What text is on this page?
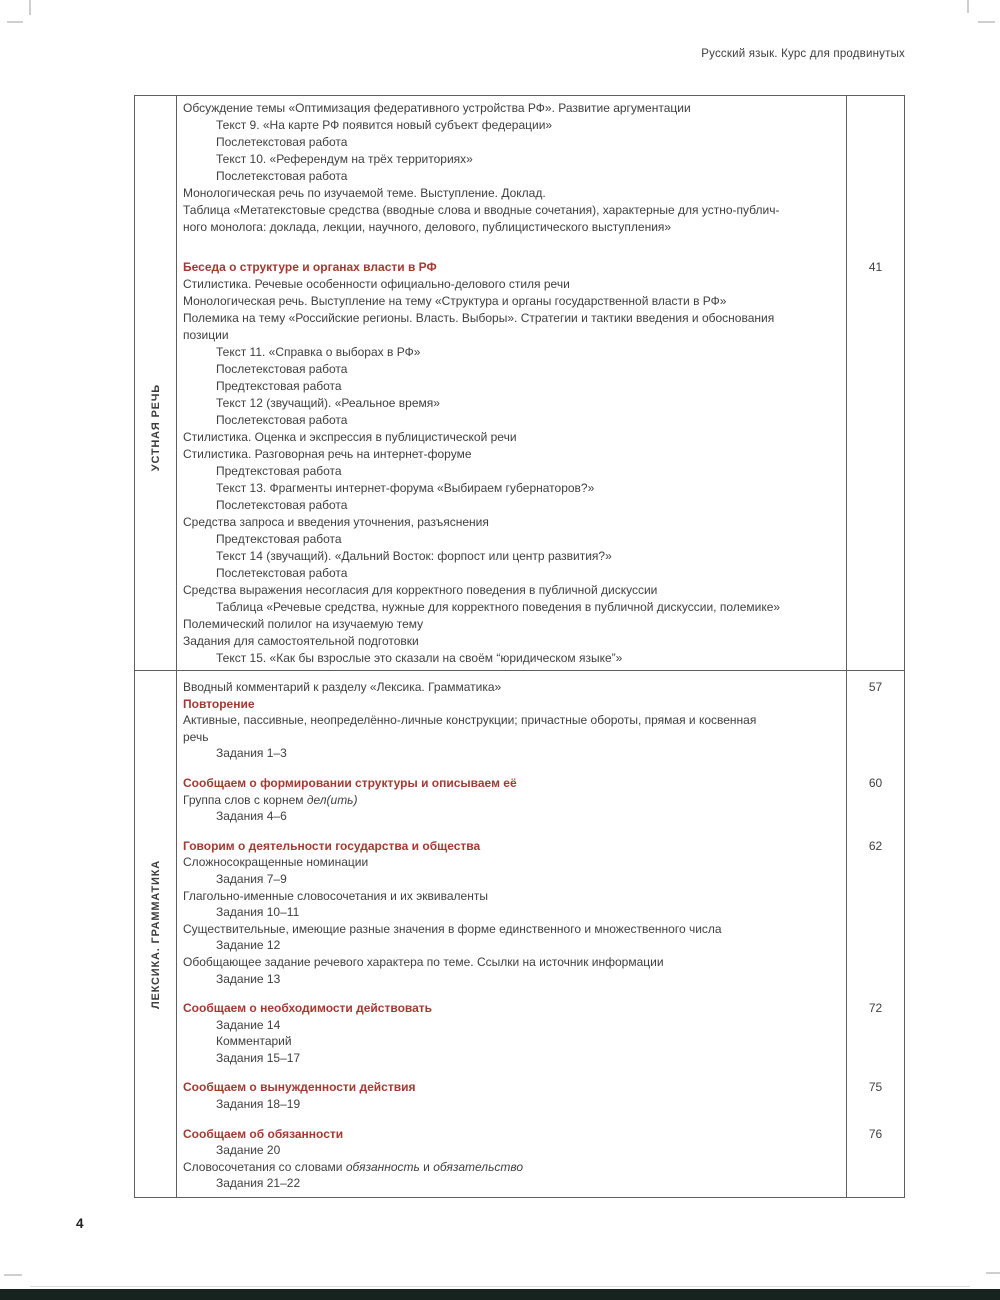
Русский язык. Курс для продвинутых
УСТНАЯ РЕЧЬ
Обсуждение темы «Оптимизация федеративного устройства РФ». Развитие аргументации
Текст 9. «На карте РФ появится новый субъект федерации»
Послетекстовая работа
Текст 10. «Референдум на трёх территориях»
Послетекстовая работа
Монологическая речь по изучаемой теме. Выступление. Доклад.
Таблица «Метатекстовые средства (вводные слова и вводные сочетания), характерные для устно-публич-
ного монолога: доклада, лекции, научного, делового, публицистического выступления»
Беседа о структуре и органах власти в РФ	41
Стилистика. Речевые особенности официально-делового стиля речи
Монологическая речь. Выступление на тему «Структура и органы государственной власти в РФ»
Полемика на тему «Российские регионы. Власть. Выборы». Стратегии и тактики введения и обоснования
позиции
Текст 11. «Справка о выборах в РФ»
Послетекстовая работа
Предтекстовая работа
Текст 12 (звучащий). «Реальное время»
Послетекстовая работа
Стилистика. Оценка и экспрессия в публицистической речи
Стилистика. Разговорная речь на интернет-форуме
Предтекстовая работа
Текст 13. Фрагменты интернет-форума «Выбираем губернаторов?»
Послетекстовая работа
Средства запроса и введения уточнения, разъяснения
Предтекстовая работа
Текст 14 (звучащий). «Дальний Восток: форпост или центр развития?»
Послетекстовая работа
Средства выражения несогласия для корректного поведения в публичной дискуссии
Таблица «Речевые средства, нужные для корректного поведения в публичной дискуссии, полемике»
Полемический полилог на изучаемую тему
Задания для самостоятельной подготовки
Текст 15. «Как бы взрослые это сказали на своём “юридическом языке”»
ЛЕКСИКА. ГРАММАТИКА
Вводный комментарий к разделу «Лексика. Грамматика»	57
Повторение
Активные, пассивные, неопределённо-личные конструкции; причастные обороты, прямая и косвенная
речь
Задания 1–3
Сообщаем о формировании структуры и описываем её	60
Группа слов с корнем дел(ить)
Задания 4–6
Говорим о деятельности государства и общества	62
Сложносокращенные номинации
Задания 7–9
Глагольно-именные словосочетания и их эквиваленты
Задания 10–11
Существительные, имеющие разные значения в форме единственного и множественного числа
Задание 12
Обобщающее задание речевого характера по теме. Ссылки на источник информации
Задание 13
Сообщаем о необходимости действовать	72
Задание 14
Комментарий
Задания 15–17
Сообщаем о вынужденности действия	75
Задания 18–19
Сообщаем об обязанности	76
Задание 20
Словосочетания со словами обязанность и обязательство
Задания 21–22
4
